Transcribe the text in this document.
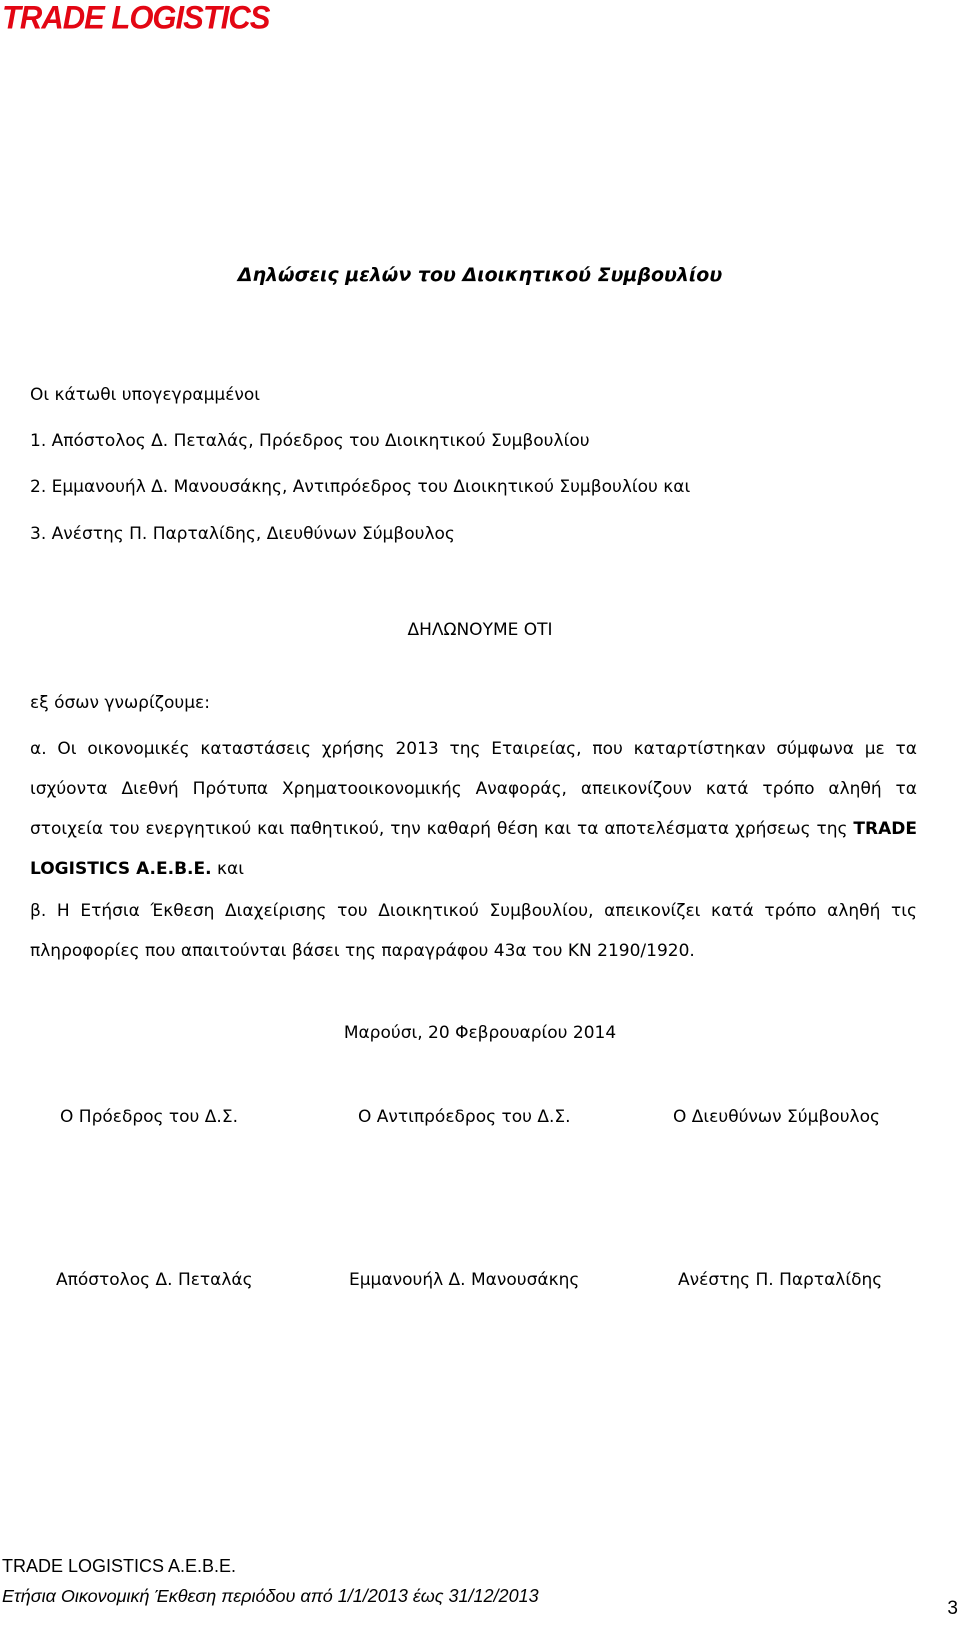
TRADE LOGISTICS
Δηλώσεις μελών του Διοικητικού Συμβουλίου
Οι κάτωθι υπογεγραμμένοι
1. Απόστολος Δ. Πεταλάς, Πρόεδρος του Διοικητικού Συμβουλίου
2. Εμμανουήλ Δ. Μανουσάκης, Αντιπρόεδρος του Διοικητικού Συμβουλίου και
3. Ανέστης Π. Παρταλίδης, Διευθύνων Σύμβουλος
ΔΗΛΩΝΟΥΜΕ ΟΤΙ
εξ όσων γνωρίζουμε:
α. Οι οικονομικές καταστάσεις χρήσης 2013 της Εταιρείας, που καταρτίστηκαν σύμφωνα με τα ισχύοντα Διεθνή Πρότυπα Χρηματοοικονομικής Αναφοράς, απεικονίζουν κατά τρόπο αληθή τα στοιχεία του ενεργητικού και παθητικού, την καθαρή θέση και τα αποτελέσματα χρήσεως της TRADE LOGISTICS A.E.B.E. και
β. Η Ετήσια Έκθεση Διαχείρισης του Διοικητικού Συμβουλίου, απεικονίζει κατά τρόπο αληθή τις πληροφορίες που απαιτούνται βάσει της παραγράφου 43α του ΚΝ 2190/1920.
Μαρούσι, 20 Φεβρουαρίου 2014
Ο Πρόεδρος του Δ.Σ.	Ο Αντιπρόεδρος του Δ.Σ.	Ο Διευθύνων Σύμβουλος
Απόστολος Δ. Πεταλάς	Εμμανουήλ Δ. Μανουσάκης	Ανέστης Π. Παρταλίδης
TRADE LOGISTICS A.E.B.E.
Ετήσια Οικονομική Έκθεση περιόδου από 1/1/2013 έως 31/12/2013
3
